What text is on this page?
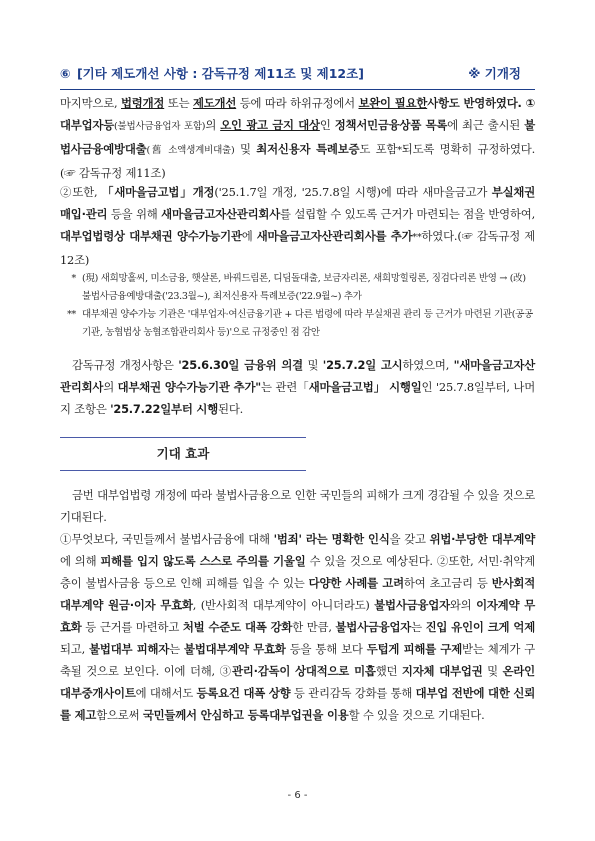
⑥ [기타 제도개선 사항 : 감독규정 제11조 및 제12조]	※ 기개정

마지막으로, 법령개정 또는 제도개선 등에 따라 하위규정에서 보완이 필요한사항도 반영하였다. ①대부업자등(불법사금융업자 포함)의 오인 광고 금지 대상인 정책서민금융상품 목록에 최근 출시된 불법사금융예방대출(舊 소액생계비대출) 및 최저신용자 특례보증도 포함*되도록 명확히 규정하였다. (☞ 감독규정 제11조)

②또한, 「새마을금고법」개정('25.1.7일 개정, '25.7.8일 시행)에 따라 새마을금고가 부실채권 매입·관리 등을 위해 새마을금고자산관리회사를 설립할 수 있도록 근거가 마련되는 점을 반영하여, 대부업법령상 대부채권 양수가능기관에 새마을금고자산관리회사를 추가**하였다.(☞ 감독규정 제12조)

* (現) 새희망홀씨, 미소금융, 햇살론, 바꿔드림론, 디딤돌대출, 보금자리론, 새희망힐링론, 징검다리론 반영 → (改) 불법사금융예방대출('23.3월~), 최저신용자 특례보증('22.9월~) 추가
** 대부채권 양수가능 기관은 '대부업자·여신금융기관 + 다른 법령에 따라 부실채권 관리 등 근거가 마련된 기관(공공기관, 농협법상 농협조합관리회사 등)'으로 규정중인 점 감안

감독규정 개정사항은 '25.6.30일 금융위 의결 및 '25.7.2일 고시하였으며, "새마을금고자산관리회사의 대부채권 양수가능기관 추가"는 관련「새마을금고법」 시행일인 '25.7.8일부터, 나머지 조항은 '25.7.22일부터 시행된다.

기대 효과

금번 대부업법령 개정에 따라 불법사금융으로 인한 국민들의 피해가 크게 경감될 수 있을 것으로 기대된다.

①무엇보다, 국민들께서 불법사금융에 대해 '범죄' 라는 명확한 인식을 갖고 위법·부당한 대부계약에 의해 피해를 입지 않도록 스스로 주의를 기울일 수 있을 것으로 예상된다. ②또한, 서민·취약계층이 불법사금융 등으로 인해 피해를 입을 수 있는 다양한 사례를 고려하여 초고금리 등 반사회적 대부계약 원금·이자 무효화, (반사회적 대부계약이 아니더라도) 불법사금융업자와의 이자계약 무효화 등 근거를 마련하고 처벌 수준도 대폭 강화한 만큼, 불법사금융업자는 진입 유인이 크게 억제되고, 불법대부 피해자는 불법대부계약 무효화 등을 통해 보다 두텁게 피해를 구제받는 체계가 구축될 것으로 보인다. 이에 더해, ③관리·감독이 상대적으로 미흡했던 지자체 대부업권 및 온라인 대부중개사이트에 대해서도 등록요건 대폭 상향 등 관리감독 강화를 통해 대부업 전반에 대한 신뢰를 제고함으로써 국민들께서 안심하고 등록대부업권을 이용할 수 있을 것으로 기대된다.

- 6 -
